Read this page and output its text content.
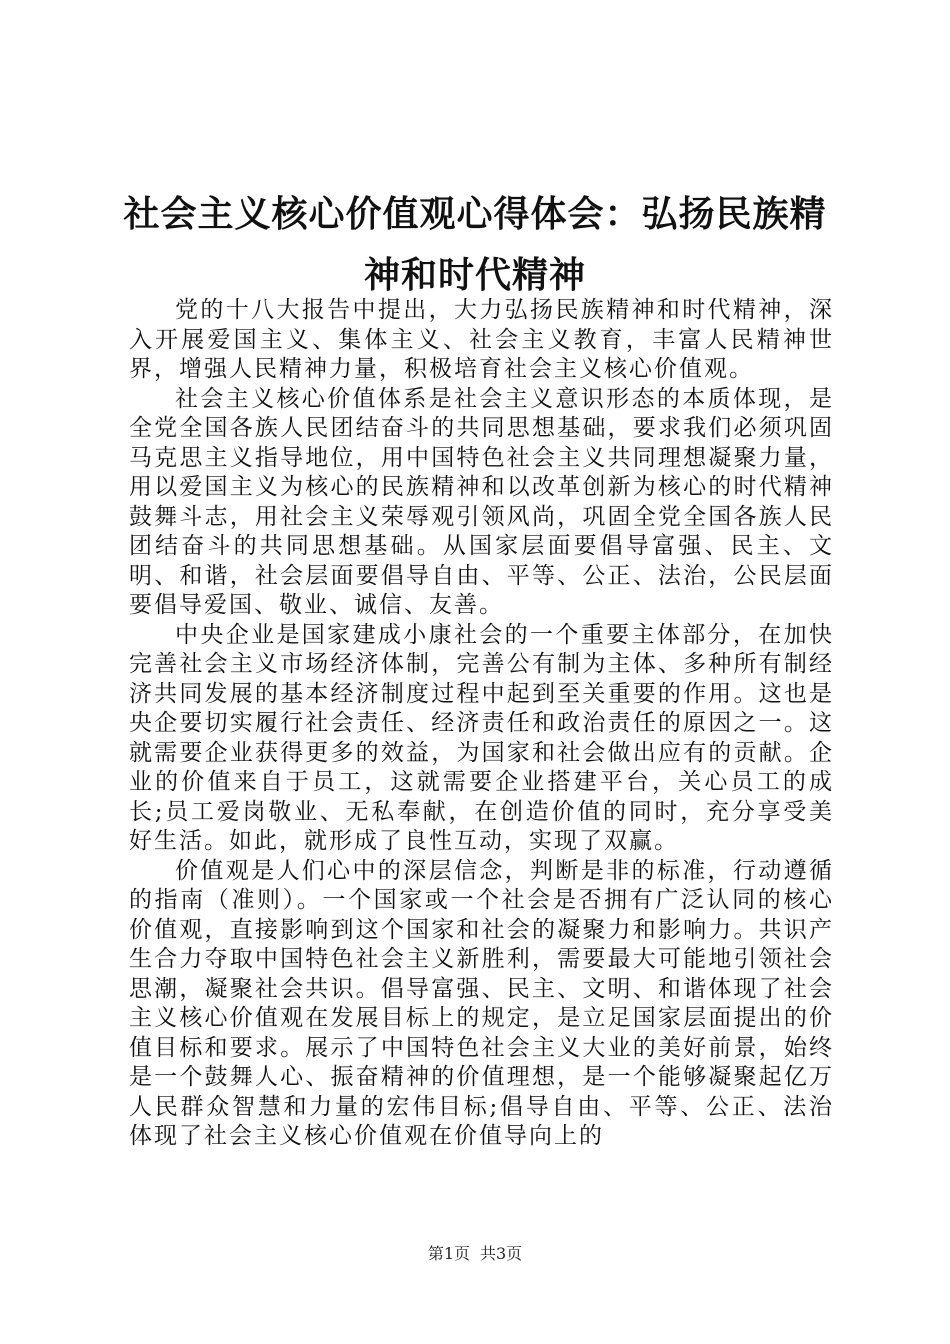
社会主义核心价值观心得体会：弘扬民族精神和时代精神

党的十八大报告中提出，大力弘扬民族精神和时代精神，深入开展爱国主义、集体主义、社会主义教育，丰富人民精神世界，增强人民精神力量，积极培育社会主义核心价值观。

社会主义核心价值体系是社会主义意识形态的本质体现，是全党全国各族人民团结奋斗的共同思想基础，要求我们必须巩固马克思主义指导地位，用中国特色社会主义共同理想凝聚力量，用以爱国主义为核心的民族精神和以改革创新为核心的时代精神鼓舞斗志，用社会主义荣辱观引领风尚，巩固全党全国各族人民团结奋斗的共同思想基础。从国家层面要倡导富强、民主、文明、和谐，社会层面要倡导自由、平等、公正、法治，公民层面要倡导爱国、敬业、诚信、友善。

中央企业是国家建成小康社会的一个重要主体部分，在加快完善社会主义市场经济体制，完善公有制为主体、多种所有制经济共同发展的基本经济制度过程中起到至关重要的作用。这也是央企要切实履行社会责任、经济责任和政治责任的原因之一。这就需要企业获得更多的效益，为国家和社会做出应有的贡献。企业的价值来自于员工，这就需要企业搭建平台，关心员工的成长;员工爱岗敬业、无私奉献，在创造价值的同时，充分享受美好生活。如此，就形成了良性互动，实现了双赢。

价值观是人们心中的深层信念，判断是非的标准，行动遵循的指南（准则）。一个国家或一个社会是否拥有广泛认同的核心价值观，直接影响到这个国家和社会的凝聚力和影响力。共识产生合力夺取中国特色社会主义新胜利，需要最大可能地引领社会思潮，凝聚社会共识。倡导富强、民主、文明、和谐体现了社会主义核心价值观在发展目标上的规定，是立足国家层面提出的价值目标和要求。展示了中国特色社会主义大业的美好前景，始终是一个鼓舞人心、振奋精神的价值理想，是一个能够凝聚起亿万人民群众智慧和力量的宏伟目标;倡导自由、平等、公正、法治体现了社会主义核心价值观在价值导向上的

第1页 共3页
